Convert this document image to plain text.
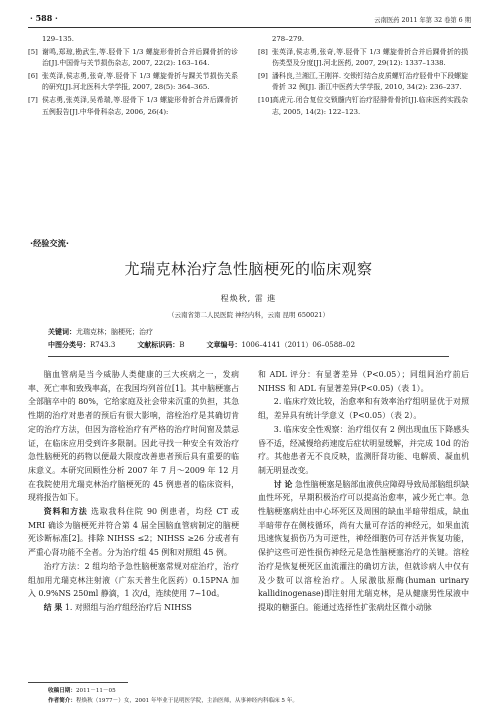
· 588 ·	云南医药 2011 年第 32 卷第 6 期
129–135.
[5] 谢鸣,郑琼,勘武生,等.胫骨下 1/3 螺旋形骨折合并后踝骨折的诊治[J].中国骨与关节损伤杂志, 2007, 22(2): 163–164.
[6] 张英泽,侯志勇,张奇,等.胫骨下 1/3 螺旋骨折与踝关节损伤关系的研究[J].河北医科大学学报, 2007, 28(5): 364–365.
[7] 侯志勇,张英泽,吴希瑞,等.胫骨下 1/3 螺旋形骨折合并后踝骨折五例报告[J].中华骨科杂志, 2006, 26(4):
278–279.
[8] 张英泽,侯志勇,张奇,等.胫骨下 1/3 螺旋骨折合并后踝骨折的损伤类型及分度[J].河北医药, 2007, 29(12): 1337–1338.
[9] 潘科良,兰湘江,王刚祥. 交锁钉结合皮质螺钉治疗胫骨中下段螺旋骨折 32 例[J]. 浙江中医药大学学报, 2010, 34(2): 236–237.
[10] 高虎元.闭合复位交锁髓内钉治疗胫腓骨骨折[J].临床医药实践杂志, 2005, 14(2): 122–123.
·经验交流·
尤瑞克林治疗急性脑梗死的临床观察
程焕秋, 雷 進
（云南省第二人民医院 神经内科，云南 昆明 650021）
关键词：尤瑞克林；脑梗死；治疗
中图分类号：R743.3	文献标识码：B	文章编号：1006–4141（2011）06–0588–02

脑血管病是当今威胁人类健康的三大疾病之一，发病率、死亡率和致残率高，在我国均列首位[1]。其中脑梗塞占全部脑卒中的 80%，它给家庭及社会带来沉重的负担，其急性期的治疗对患者的预后有很大影响，溶栓治疗是其确切肯定的治疗方法，但因为溶栓治疗有严格的治疗时间窗及禁忌证，在临床应用受到许多限制。因此寻找一种安全有效治疗急性脑梗死的药物以便最大限度改善患者预后具有重要的临床意义。本研究回顾性分析 2007 年 7 月～2009 年 12 月在我院使用尤瑞克林治疗脑梗死的 45 例患者的临床资料，现将报告如下。

资料和方法 选取我科住院 90 例患者，均经 CT 或 MRI 确诊为脑梗死并符合第 4 届全国脑血管病制定的脑梗死诊断标准[2]。排除 NIHSS ≤2；NIHSS ≥26 分或者有严重心肾功能不全者。分为治疗组 45 例和对照组 45 例。

治疗方法：2 组均给予急性脑梗塞常规对症治疗，治疗组加用尤瑞克林注射液（广东天普生化医药）0.15PNA 加入 0.9%NS 250ml 静滴，1 次/d，连续使用 7~10d。

结 果 1. 对照组与治疗组经治疗后 NIHSS

和 ADL 评分：有显著差异（P<0.05）；同组间治疗前后 NIHSS 和 ADL 有显著差异(P<0.05)（表 1）。

2. 临床疗效比较，治愈率和有效率治疗组明显优于对照组，差异具有统计学意义（P<0.05）（表 2）。

3. 临床安全性观察：治疗组仅有 2 例出现血压下降感头昏不适，经减慢给药速度后症状明显缓解，并完成 10d 的治疗。其他患者无不良反映，监测肝肾功能、电解质、凝血机制无明显改变。

讨 论 急性脑梗塞是脑部血液供应障碍导致局部脑组织缺血性坏死，早期积极治疗可以提高治愈率，减少死亡率。急性脑梗塞病灶由中心坏死区及周围的缺血半暗带组成，缺血半暗带存在侧枝循环，尚有大量可存活的神经元，如果血流迅速恢复损伤乃为可逆性，神经细胞仍可存活并恢复功能，保护这些可逆性损伤神经元是急性脑梗塞治疗的关键。溶栓治疗是恢复梗死区血流灌注的确切方法，但就诊病人中仅有及少数可以溶栓治疗。人尿激肽原酶(human urinary kallidinogenase)即注射用尤瑞克林，是从健康男性尿液中提取的糖蛋白。能通过选择性扩张病灶区微小动脉

收稿日期：2011－11－05
作者简介：程焕秋（1977－）女，2001 年毕业于昆明医学院，主治医师，从事神经内科临床 5 年。
